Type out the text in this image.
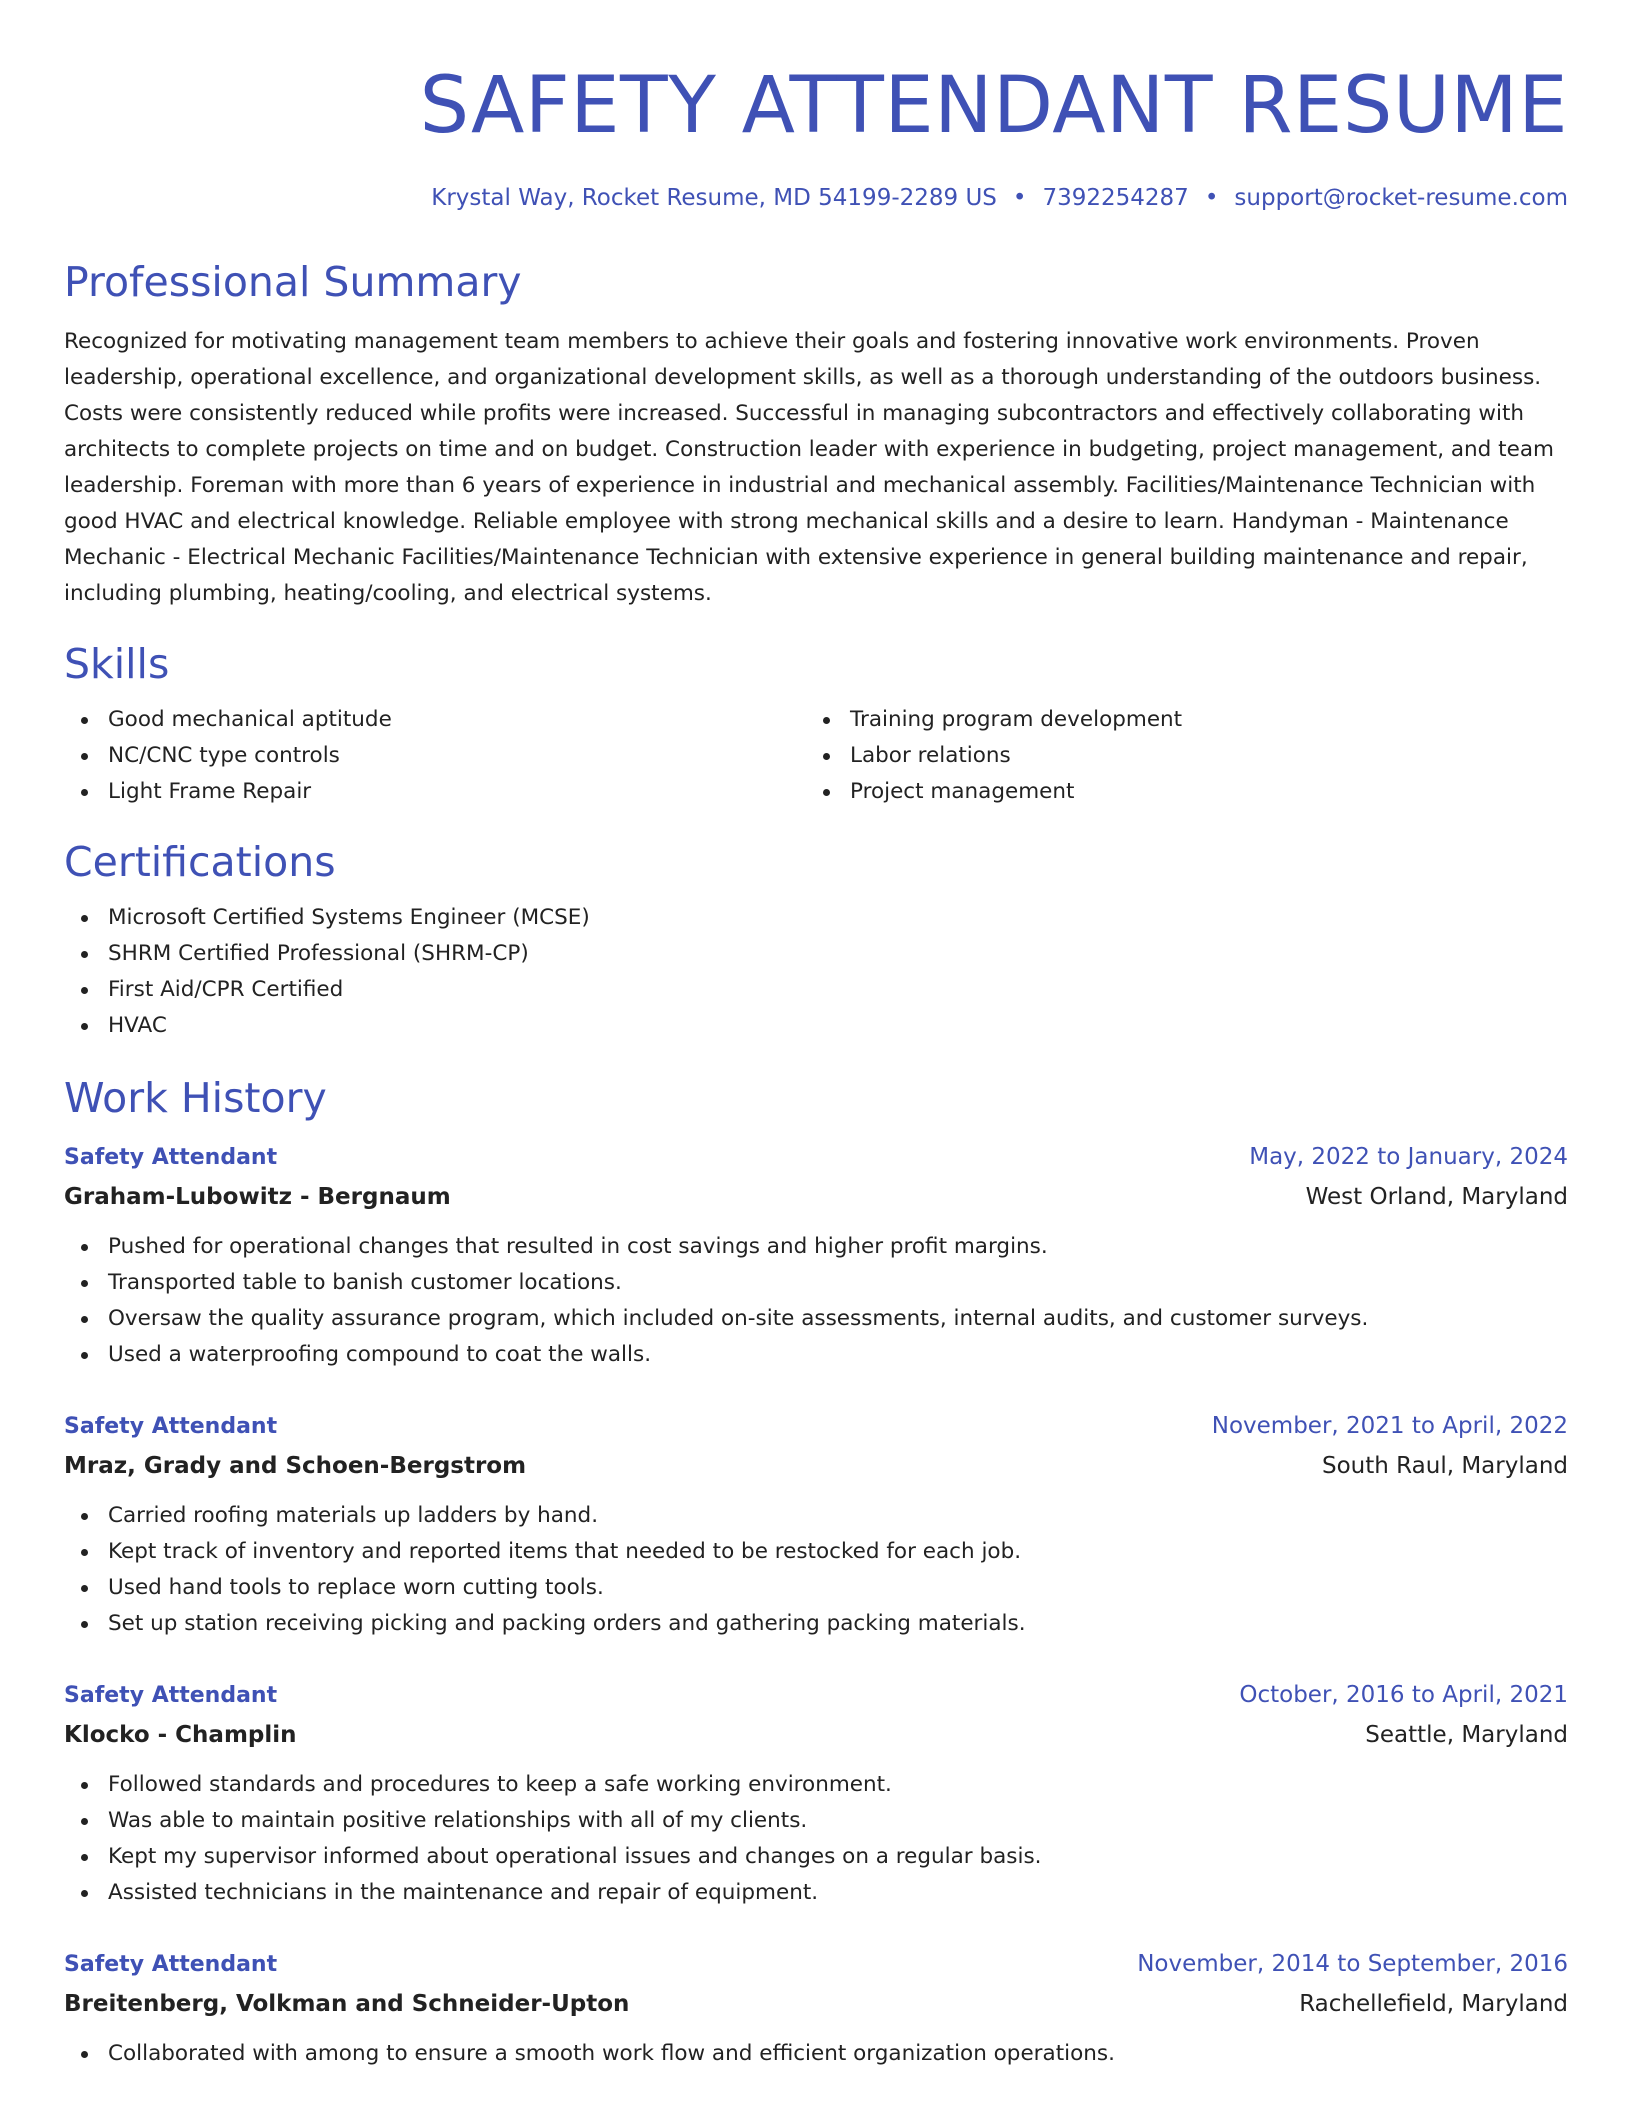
SAFETY ATTENDANT RESUME
Krystal Way, Rocket Resume, MD 54199-2289 US • 7392254287 • support@rocket-resume.com
Professional Summary

Recognized for motivating management team members to achieve their goals and fostering innovative work environments. Proven leadership, operational excellence, and organizational development skills, as well as a thorough understanding of the outdoors business. Costs were consistently reduced while profits were increased. Successful in managing subcontractors and effectively collaborating with architects to complete projects on time and on budget. Construction leader with experience in budgeting, project management, and team leadership. Foreman with more than 6 years of experience in industrial and mechanical assembly. Facilities/Maintenance Technician with good HVAC and electrical knowledge. Reliable employee with strong mechanical skills and a desire to learn. Handyman - Maintenance Mechanic - Electrical Mechanic Facilities/Maintenance Technician with extensive experience in general building maintenance and repair, including plumbing, heating/cooling, and electrical systems.

Skills
Good mechanical aptitude
NC/CNC type controls
Light Frame Repair
Training program development
Labor relations
Project management
Certifications
Microsoft Certified Systems Engineer (MCSE)
SHRM Certified Professional (SHRM-CP)
First Aid/CPR Certified
HVAC
Work History
Safety Attendant	May, 2022 to January, 2024
Graham-Lubowitz - Bergnaum	West Orland, Maryland
Pushed for operational changes that resulted in cost savings and higher profit margins.
Transported table to banish customer locations.
Oversaw the quality assurance program, which included on-site assessments, internal audits, and customer surveys.
Used a waterproofing compound to coat the walls.
Safety Attendant	November, 2021 to April, 2022
Mraz, Grady and Schoen-Bergstrom	South Raul, Maryland
Carried roofing materials up ladders by hand.
Kept track of inventory and reported items that needed to be restocked for each job.
Used hand tools to replace worn cutting tools.
Set up station receiving picking and packing orders and gathering packing materials.
Safety Attendant	October, 2016 to April, 2021
Klocko - Champlin	Seattle, Maryland
Followed standards and procedures to keep a safe working environment.
Was able to maintain positive relationships with all of my clients.
Kept my supervisor informed about operational issues and changes on a regular basis.
Assisted technicians in the maintenance and repair of equipment.
Safety Attendant	November, 2014 to September, 2016
Breitenberg, Volkman and Schneider-Upton	Rachellefield, Maryland
Collaborated with among to ensure a smooth work flow and efficient organization operations.
